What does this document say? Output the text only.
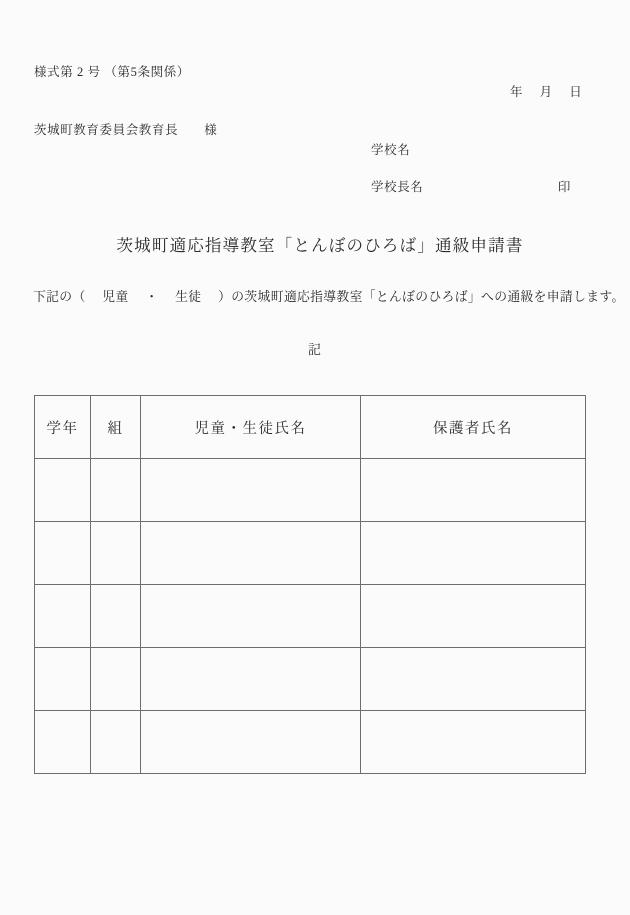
様式第 2 号 （第5条関係）
年　 月　 日
茨城町教育委員会教育長　　様
学校名
学校長名	印
茨城町適応指導教室「とんぼのひろば」通級申請書
下記の（　 児童　 ・　 生徒　 ）の茨城町適応指導教室「とんぼのひろば」への通級を申請します。
記
学年	組	児童・生徒氏名	保護者氏名
